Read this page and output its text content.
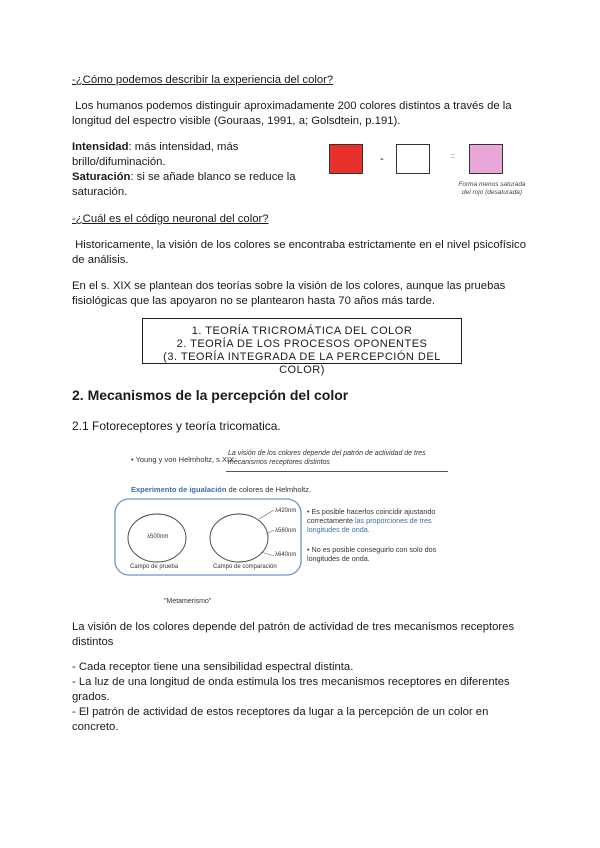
-¿Cómo podemos describir la experiencia del color?
Los humanos podemos distinguir aproximadamente 200 colores distintos a través de la
longitud del espectro visible (Gouraas, 1991, a; Golsdtein, p.191).
Intensidad: más intensidad, más
brillo/difuminación.
Saturación: si se añade blanco se reduce la
saturación.
-	=
Forma menos saturada
del rojo (desaturada)
-¿Cuál es el código neuronal del color?
Historicamente, la visión de los colores se encontraba estrictamente en el nivel psicofísico
de análisis.
En el s. XIX se plantean dos teorías sobre la visión de los colores, aunque las pruebas
fisiológicas que las apoyaron no se plantearon hasta 70 años más tarde.
1. TEORÍA TRICROMÁTICA DEL COLOR
2. TEORÍA DE LOS PROCESOS OPONENTES
(3. TEORÍA INTEGRADA DE LA PERCEPCIÓN DEL COLOR)
2. Mecanismos de la percepción del color
2.1 Fotoreceptores y teoría tricomatica.
• Young y von Helmholtz, s XIX:
La visión de los colores depende del patrón de actividad de tres
mecanismos receptores distintos
Experimento de igualación de colores de Helmholtz.
λ500nm
λ420nm
λ560nm
λ640nm
Campo de prueba	Campo de comparación
• Es posible hacerlos coincidir ajustando
correctamente las proporciones de tres
longitudes de onda.
• No es posible conseguirlo con solo dos
longitudes de onda.
"Metamerismo"
La visión de los colores depende del patrón de actividad de tres mecanismos receptores
distintos
- Cada receptor tiene una sensibilidad espectral distinta.
- La luz de una longitud de onda estimula los tres mecanismos receptores en diferentes
grados.
- El patrón de actividad de estos receptores da lugar a la percepción de un color en
concreto.
